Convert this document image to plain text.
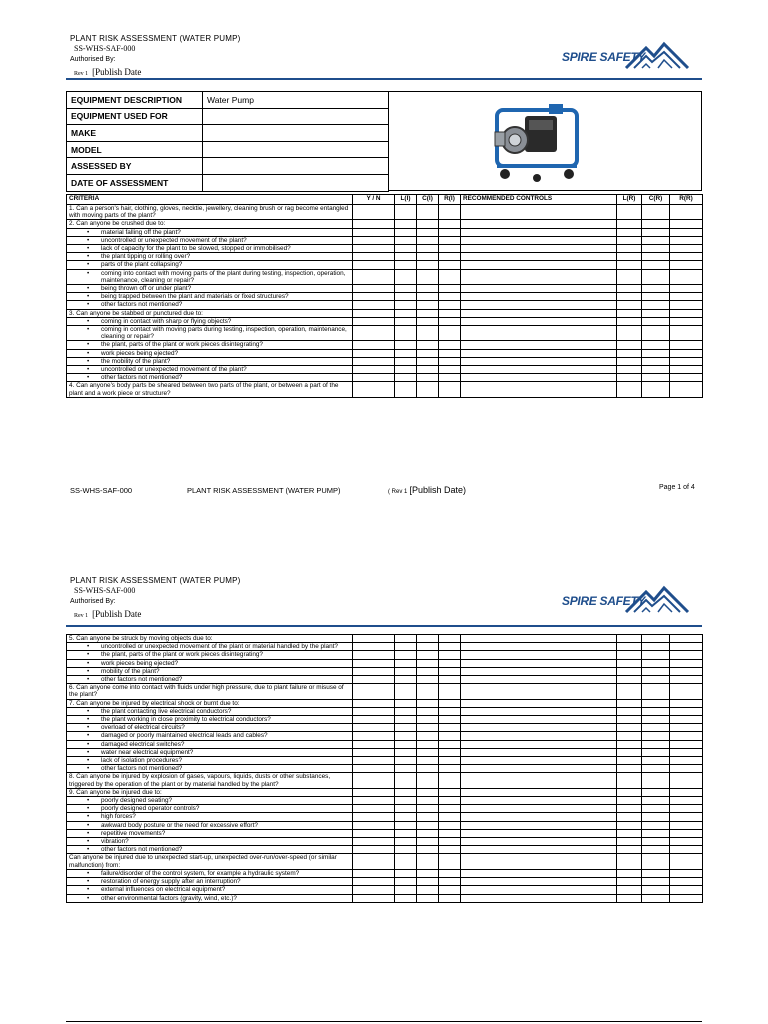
PLANT RISK ASSESSMENT (WATER PUMP)
SS-WHS-SAF-000
Authorised By:
Rev 1 [Publish Date
SPIRE SAFETY
EQUIPMENT DESCRIPTION	Water Pump
EQUIPMENT USED FOR	
MAKE	
MODEL	
ASSESSED BY	
DATE OF ASSESSMENT	
CRITERIA	Y / N	L(I)	C(I)	R(I)	RECOMMENDED CONTROLS	L(R)	C(R)	R(R)
1. Can a person's hair, clothing, gloves, necktie, jewellery, cleaning brush or rag become entangled with moving parts of the plant?								
2. Can anyone be crushed due to:								
• material falling off the plant?								
• uncontrolled or unexpected movement of the plant?								
• lack of capacity for the plant to be slowed, stopped or immobilised?								
• the plant tipping or rolling over?								
• parts of the plant collapsing?								
• coming into contact with moving parts of the plant during testing, inspection, operation, maintenance, cleaning or repair?								
• being thrown off or under plant?								
• being trapped between the plant and materials or fixed structures?								
• other factors not mentioned?								
3. Can anyone be stabbed or punctured due to:								
• coming in contact with sharp or flying objects?								
• coming in contact with moving parts during testing, inspection, operation, maintenance, cleaning or repair?								
• the plant, parts of the plant or work pieces disintegrating?								
• work pieces being ejected?								
• the mobility of the plant?								
• uncontrolled or unexpected movement of the plant?								
• other factors not mentioned?								
4. Can anyone's body parts be sheared between two parts of the plant, or between a part of the plant and a work piece or structure?								
SS-WHS-SAF-000	PLANT RISK ASSESSMENT (WATER PUMP)	( Rev 1 [Publish Date)	Page 1 of 4
PLANT RISK ASSESSMENT (WATER PUMP)
SS-WHS-SAF-000
Authorised By:
Rev 1 [Publish Date
SPIRE SAFETY
5. Can anyone be struck by moving objects due to:								
• uncontrolled or unexpected movement of the plant or material handled by the plant?								
• the plant, parts of the plant or work pieces disintegrating?								
• work pieces being ejected?								
• mobility of the plant?								
• other factors not mentioned?								
6. Can anyone come into contact with fluids under high pressure, due to plant failure or misuse of the plant?								
7. Can anyone be injured by electrical shock or burnt due to:								
• the plant contacting live electrical conductors?								
• the plant working in close proximity to electrical conductors?								
• overload of electrical circuits?								
• damaged or poorly maintained electrical leads and cables?								
• damaged electrical switches?								
• water near electrical equipment?								
• lack of isolation procedures?								
• other factors not mentioned?								
8. Can anyone be injured by explosion of gases, vapours, liquids, dusts or other substances, triggered by the operation of the plant or by material handled by the plant?								
9. Can anyone be injured due to:								
• poorly designed seating?								
• poorly designed operator controls?								
• high forces?								
• awkward body posture or the need for excessive effort?								
• repetitive movements?								
• vibration?								
• other factors not mentioned?								
Can anyone be injured due to unexpected start-up, unexpected over-run/over-speed (or similar malfunction) from:								
• failure/disorder of the control system, for example a hydraulic system?								
• restoration of energy supply after an interruption?								
• external influences on electrical equipment?								
• other environmental factors (gravity, wind, etc.)?								
